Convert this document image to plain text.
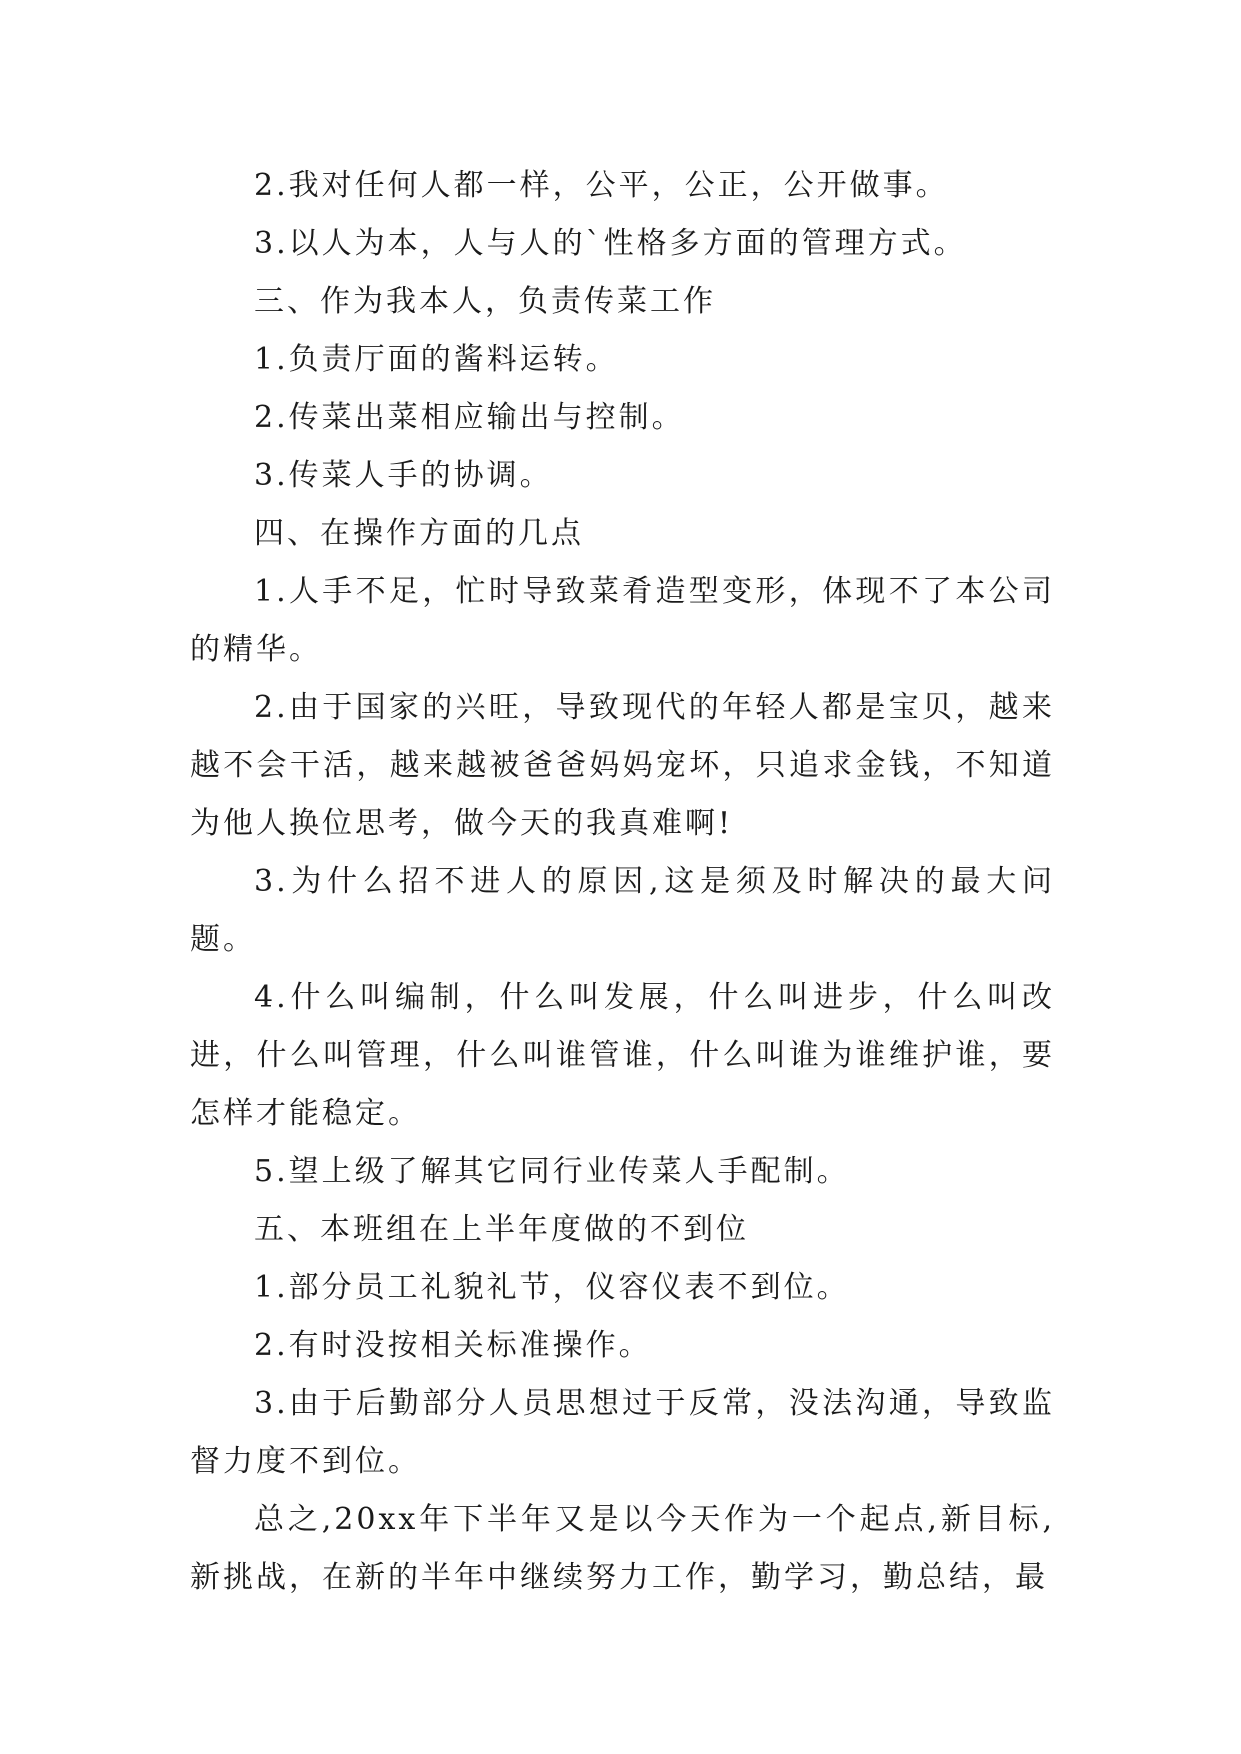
2.我对任何人都一样，公平，公正，公开做事。

3.以人为本，人与人的`性格多方面的管理方式。

三、作为我本人，负责传菜工作

1.负责厅面的酱料运转。

2.传菜出菜相应输出与控制。

3.传菜人手的协调。

四、在操作方面的几点

1.人手不足，忙时导致菜肴造型变形，体现不了本公司的精华。

2.由于国家的兴旺，导致现代的年轻人都是宝贝，越来越不会干活，越来越被爸爸妈妈宠坏，只追求金钱，不知道为他人换位思考，做今天的我真难啊!

3.为什么招不进人的原因,这是须及时解决的最大问题。

4.什么叫编制，什么叫发展，什么叫进步，什么叫改进，什么叫管理，什么叫谁管谁，什么叫谁为谁维护谁，要怎样才能稳定。

5.望上级了解其它同行业传菜人手配制。

五、本班组在上半年度做的不到位

1.部分员工礼貌礼节，仪容仪表不到位。

2.有时没按相关标准操作。

3.由于后勤部分人员思想过于反常，没法沟通，导致监督力度不到位。

总之,20xx年下半年又是以今天作为一个起点,新目标,新挑战，在新的半年中继续努力工作，勤学习，勤总结，最
